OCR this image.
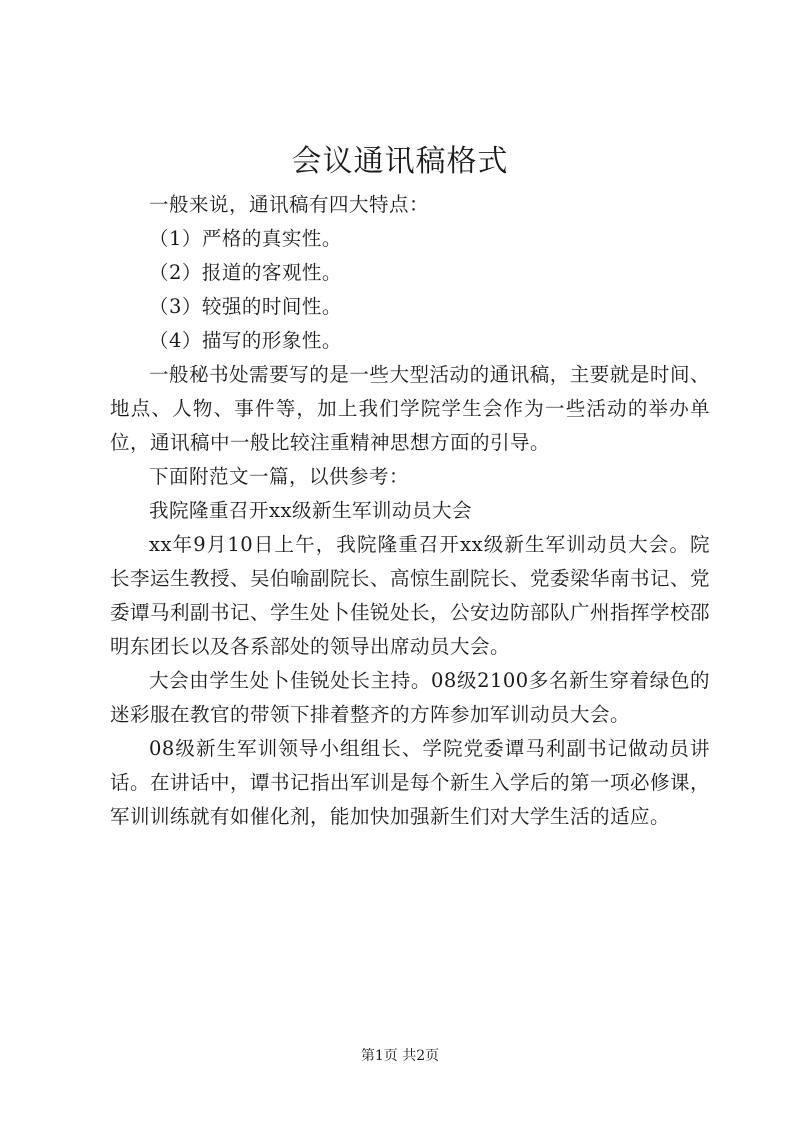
会议通讯稿格式

一般来说，通讯稿有四大特点：

（1）严格的真实性。

（2）报道的客观性。

（3）较强的时间性。

（4）描写的形象性。

一般秘书处需要写的是一些大型活动的通讯稿，主要就是时间、地点、人物、事件等，加上我们学院学生会作为一些活动的举办单位，通讯稿中一般比较注重精神思想方面的引导。

下面附范文一篇，以供参考：

我院隆重召开xx级新生军训动员大会

xx年9月10日上午，我院隆重召开xx级新生军训动员大会。院长李运生教授、吴伯喻副院长、高惊生副院长、党委梁华南书记、党委谭马利副书记、学生处卜佳锐处长，公安边防部队广州指挥学校邵明东团长以及各系部处的领导出席动员大会。

大会由学生处卜佳锐处长主持。08级2100多名新生穿着绿色的迷彩服在教官的带领下排着整齐的方阵参加军训动员大会。

08级新生军训领导小组组长、学院党委谭马利副书记做动员讲话。在讲话中，谭书记指出军训是每个新生入学后的第一项必修课，军训训练就有如催化剂，能加快加强新生们对大学生活的适应。

第1页 共2页
